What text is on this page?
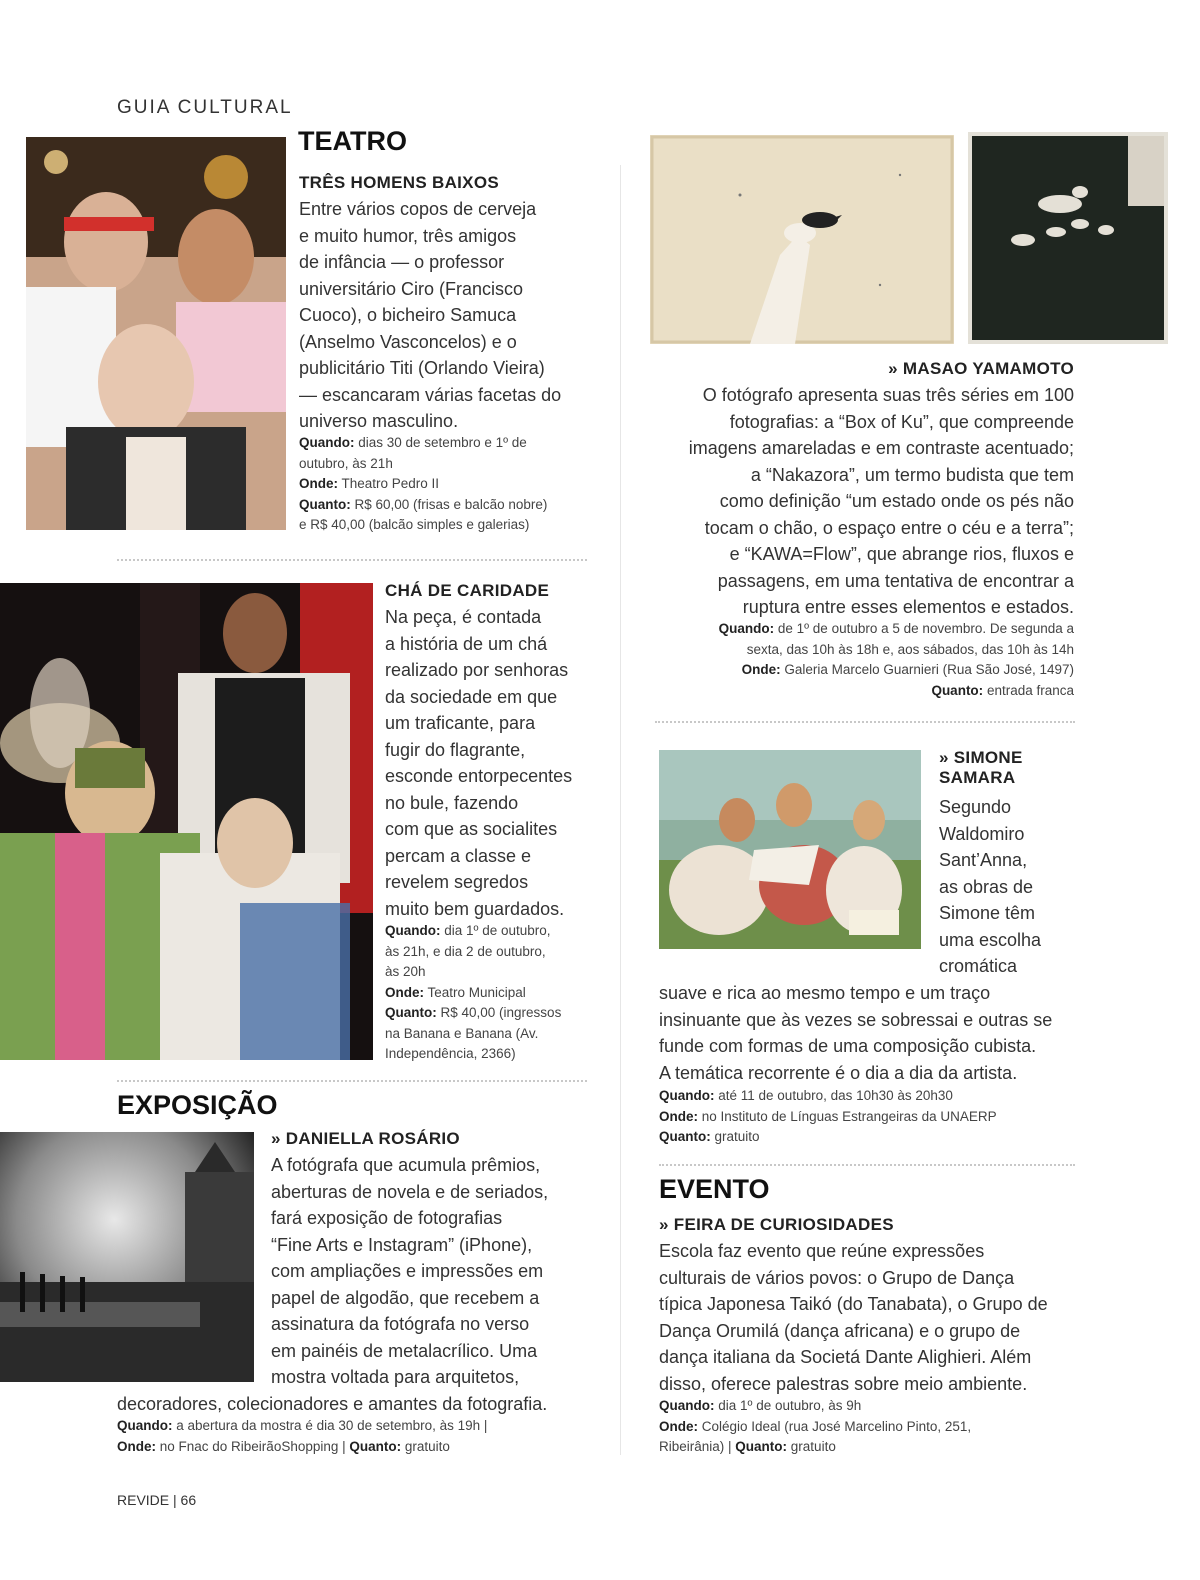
GUIA CULTURAL
TEATRO
TRÊS HOMENS BAIXOS
Entre vários copos de cerveja
e muito humor, três amigos
de infância — o professor
universitário Ciro (Francisco
Cuoco), o bicheiro Samuca
(Anselmo Vasconcelos) e o
publicitário Titi (Orlando Vieira)
— escancaram várias facetas do
universo masculino.
Quando: dias 30 de setembro e 1º de
outubro, às 21h
Onde: Theatro Pedro II
Quanto: R$ 60,00 (frisas e balcão nobre)
e R$ 40,00 (balcão simples e galerias)
CHÁ DE CARIDADE
Na peça, é contada
a história de um chá
realizado por senhoras
da sociedade em que
um traficante, para
fugir do flagrante,
esconde entorpecentes
no bule, fazendo
com que as socialites
percam a classe e
revelem segredos
muito bem guardados.
Quando: dia 1º de outubro,
às 21h, e dia 2 de outubro,
às 20h
Onde: Teatro Municipal
Quanto: R$ 40,00 (ingressos
na Banana e Banana (Av.
Independência, 2366)
EXPOSIÇÃO
» DANIELLA ROSÁRIO
A fotógrafa que acumula prêmios,
aberturas de novela e de seriados,
fará exposição de fotografias
“Fine Arts e Instagram” (iPhone),
com ampliações e impressões em
papel de algodão, que recebem a
assinatura da fotógrafa no verso
em painéis de metalacrílico. Uma
mostra voltada para arquitetos,
decoradores, colecionadores e amantes da fotografia.
Quando: a abertura da mostra é dia 30 de setembro, às 19h |
Onde: no Fnac do RibeirãoShopping | Quanto: gratuito
» MASAO YAMAMOTO
O fotógrafo apresenta suas três séries em 100
fotografias: a “Box of Ku”, que compreende
imagens amareladas e em contraste acentuado;
a “Nakazora”, um termo budista que tem
como definição “um estado onde os pés não
tocam o chão, o espaço entre o céu e a terra”;
e “KAWA=Flow”, que abrange rios, fluxos e
passagens, em uma tentativa de encontrar a
ruptura entre esses elementos e estados.
Quando: de 1º de outubro a 5 de novembro. De segunda a
sexta, das 10h às 18h e, aos sábados, das 10h às 14h
Onde: Galeria Marcelo Guarnieri (Rua São José, 1497)
Quanto: entrada franca
» SIMONE
SAMARA
Segundo
Waldomiro
Sant’Anna,
as obras de
Simone têm
uma escolha
cromática
suave e rica ao mesmo tempo e um traço
insinuante que às vezes se sobressai e outras se
funde com formas de uma composição cubista.
A temática recorrente é o dia a dia da artista.
Quando: até 11 de outubro, das 10h30 às 20h30
Onde: no Instituto de Línguas Estrangeiras da UNAERP
Quanto: gratuito
EVENTO
» FEIRA DE CURIOSIDADES
Escola faz evento que reúne expressões
culturais de vários povos: o Grupo de Dança
típica Japonesa Taikó (do Tanabata), o Grupo de
Dança Orumilá (dança africana) e o grupo de
dança italiana da Societá Dante Alighieri. Além
disso, oferece palestras sobre meio ambiente.
Quando: dia 1º de outubro, às 9h
Onde: Colégio Ideal (rua José Marcelino Pinto, 251,
Ribeirânia) | Quanto: gratuito
REVIDE | 66
